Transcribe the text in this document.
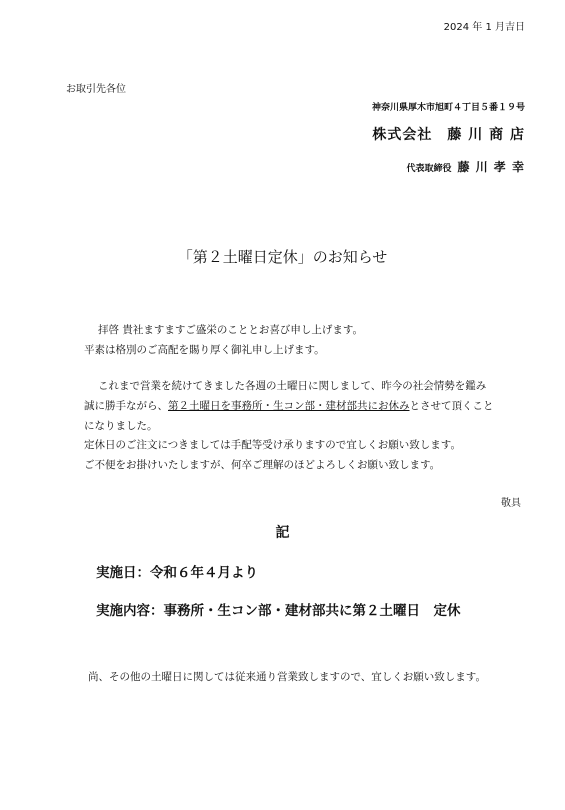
2024 年 1 月吉日
お取引先各位
神奈川県厚木市旭町４丁目５番１９号
株式会社　藤 川 商 店
代表取締役 藤 川 孝 幸
「第２土曜日定休」のお知らせ
拝啓 貴社ますますご盛栄のこととお喜び申し上げます。
平素は格別のご高配を賜り厚く御礼申し上げます。
これまで営業を続けてきました各週の土曜日に関しまして、昨今の社会情勢を鑑み
誠に勝手ながら、第２土曜日を事務所・生コン部・建材部共にお休みとさせて頂くこと
になりました。
定休日のご注文につきましては手配等受け承りますので宜しくお願い致します。
ご不便をお掛けいたしますが、何卒ご理解のほどよろしくお願い致します。
敬具
記
実施日：令和６年４月より
実施内容：事務所・生コン部・建材部共に第２土曜日　定休
尚、その他の土曜日に関しては従来通り営業致しますので、宜しくお願い致します。
